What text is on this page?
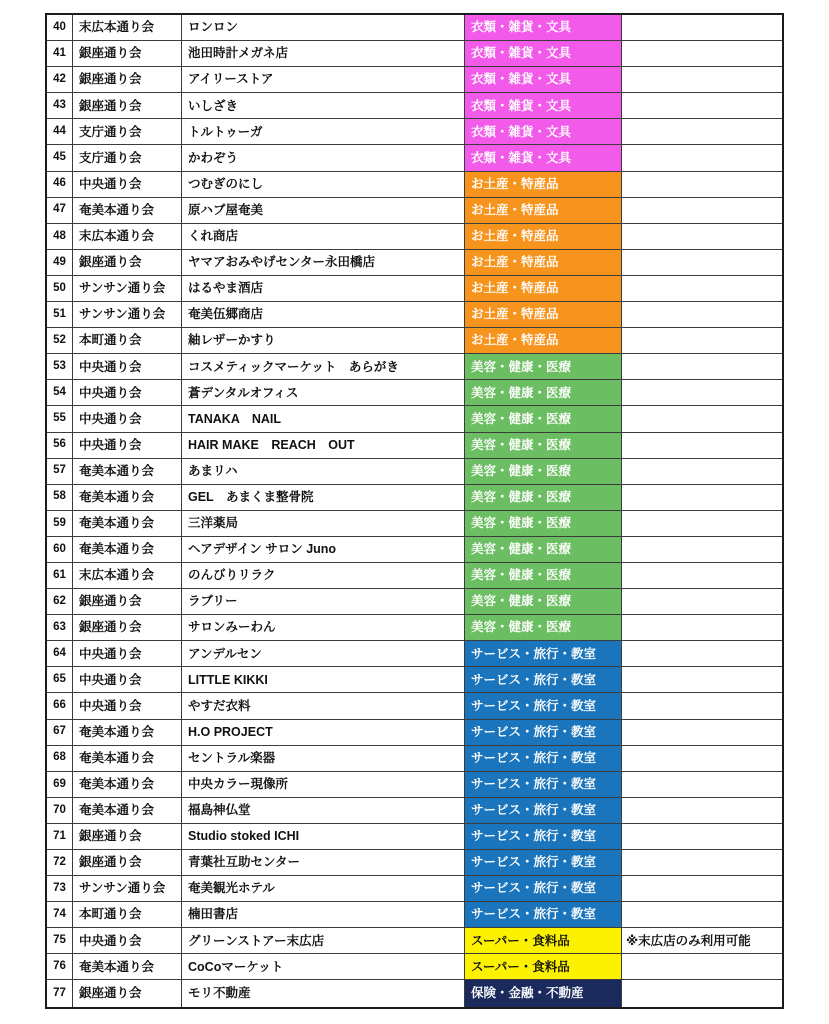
40	末広本通り会	ロンロン	衣類・雑貨・文具
41	銀座通り会	池田時計メガネ店	衣類・雑貨・文具
42	銀座通り会	アイリーストア	衣類・雑貨・文具
43	銀座通り会	いしざき	衣類・雑貨・文具
44	支庁通り会	トルトゥーガ	衣類・雑貨・文具
45	支庁通り会	かわぞう	衣類・雑貨・文具
46	中央通り会	つむぎのにし	お土産・特産品
47	奄美本通り会	原ハブ屋奄美	お土産・特産品
48	末広本通り会	くれ商店	お土産・特産品
49	銀座通り会	ヤマアおみやげセンター永田橋店	お土産・特産品
50	サンサン通り会	はるやま酒店	お土産・特産品
51	サンサン通り会	奄美伍郷商店	お土産・特産品
52	本町通り会	紬レザーかすり	お土産・特産品
53	中央通り会	コスメティックマーケット　あらがき	美容・健康・医療
54	中央通り会	蒼デンタルオフィス	美容・健康・医療
55	中央通り会	TANAKA　NAIL	美容・健康・医療
56	中央通り会	HAIR MAKE　REACH　OUT	美容・健康・医療
57	奄美本通り会	あまリハ	美容・健康・医療
58	奄美本通り会	GEL　あまくま整骨院	美容・健康・医療
59	奄美本通り会	三洋薬局	美容・健康・医療
60	奄美本通り会	ヘアデザイン サロン Juno	美容・健康・医療
61	末広本通り会	のんびりリラク	美容・健康・医療
62	銀座通り会	ラブリー	美容・健康・医療
63	銀座通り会	サロンみーわん	美容・健康・医療
64	中央通り会	アンデルセン	サービス・旅行・教室
65	中央通り会	LITTLE KIKKI	サービス・旅行・教室
66	中央通り会	やすだ衣料	サービス・旅行・教室
67	奄美本通り会	H.O PROJECT	サービス・旅行・教室
68	奄美本通り会	セントラル楽器	サービス・旅行・教室
69	奄美本通り会	中央カラー現像所	サービス・旅行・教室
70	奄美本通り会	福島神仏堂	サービス・旅行・教室
71	銀座通り会	Studio stoked ICHI	サービス・旅行・教室
72	銀座通り会	青葉社互助センター	サービス・旅行・教室
73	サンサン通り会	奄美観光ホテル	サービス・旅行・教室
74	本町通り会	楠田書店	サービス・旅行・教室
75	中央通り会	グリーンストアー末広店	スーパー・食料品	※末広店のみ利用可能
76	奄美本通り会	CoCoマーケット	スーパー・食料品
77	銀座通り会	モリ不動産	保険・金融・不動産
